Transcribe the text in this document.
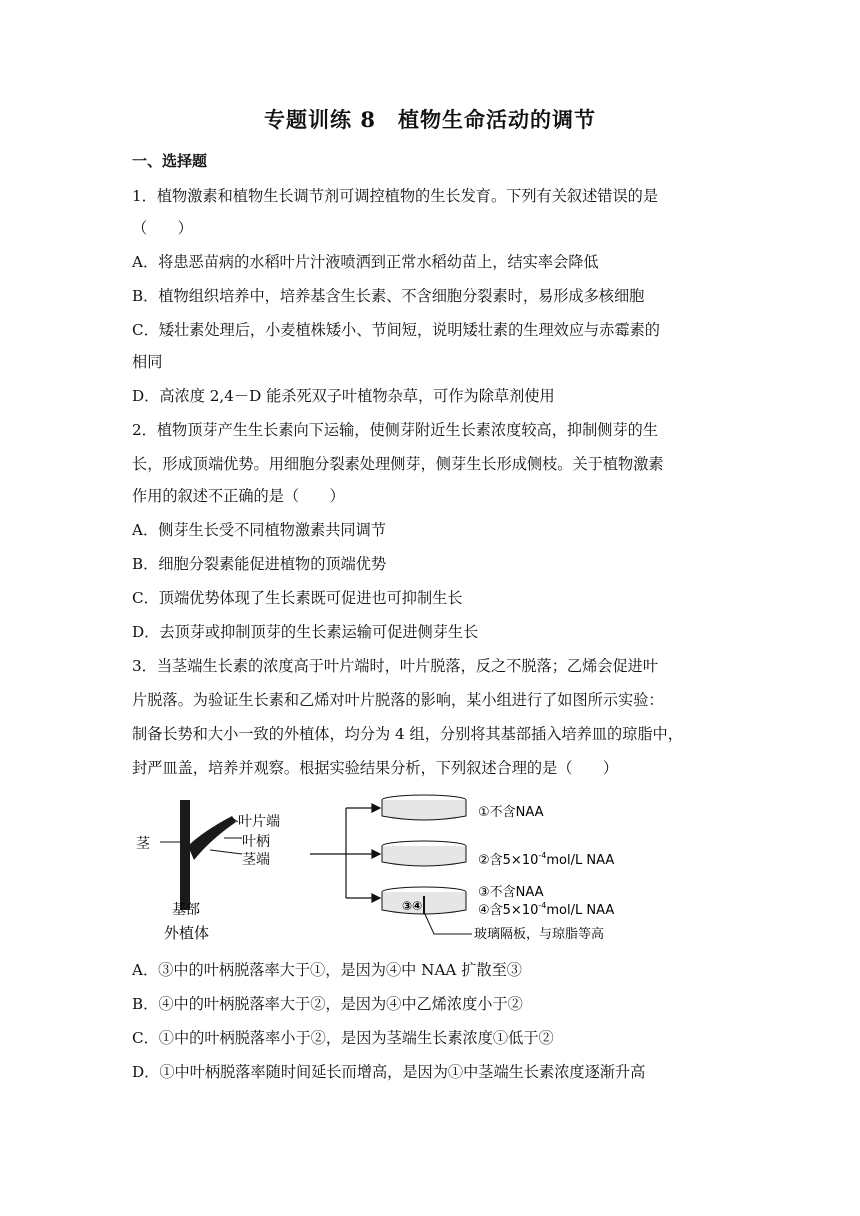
专题训练 8　植物生命活动的调节
一、选择题
1．植物激素和植物生长调节剂可调控植物的生长发育。下列有关叙述错误的是
（　　）
A．将患恶苗病的水稻叶片汁液喷洒到正常水稻幼苗上，结实率会降低
B．植物组织培养中，培养基含生长素、不含细胞分裂素时，易形成多核细胞
C．矮壮素处理后，小麦植株矮小、节间短，说明矮壮素的生理效应与赤霉素的
相同
D．高浓度 2,4－D 能杀死双子叶植物杂草，可作为除草剂使用
2．植物顶芽产生生长素向下运输，使侧芽附近生长素浓度较高，抑制侧芽的生
长，形成顶端优势。用细胞分裂素处理侧芽，侧芽生长形成侧枝。关于植物激素
作用的叙述不正确的是（　　）
A．侧芽生长受不同植物激素共同调节
B．细胞分裂素能促进植物的顶端优势
C．顶端优势体现了生长素既可促进也可抑制生长
D．去顶芽或抑制顶芽的生长素运输可促进侧芽生长
3．当茎端生长素的浓度高于叶片端时，叶片脱落，反之不脱落；乙烯会促进叶
片脱落。为验证生长素和乙烯对叶片脱落的影响，某小组进行了如图所示实验：
制备长势和大小一致的外植体，均分为 4 组，分别将其基部插入培养皿的琼脂中，
封严皿盖，培养并观察。根据实验结果分析，下列叙述合理的是（　　）
茎
叶片端
叶柄
茎端
基部
外植体
①不含NAA
②含$5\times 10^{-4}mol/L$ NAA
③④
③不含NAA
④含$5\times 10^{-4}mol/L$ NAA
玻璃隔板，与琼脂等高
A．③中的叶柄脱落率大于①，是因为④中 NAA 扩散至③
B．④中的叶柄脱落率大于②，是因为④中乙烯浓度小于②
C．①中的叶柄脱落率小于②，是因为茎端生长素浓度①低于②
D．①中叶柄脱落率随时间延长而增高，是因为①中茎端生长素浓度逐渐升高
